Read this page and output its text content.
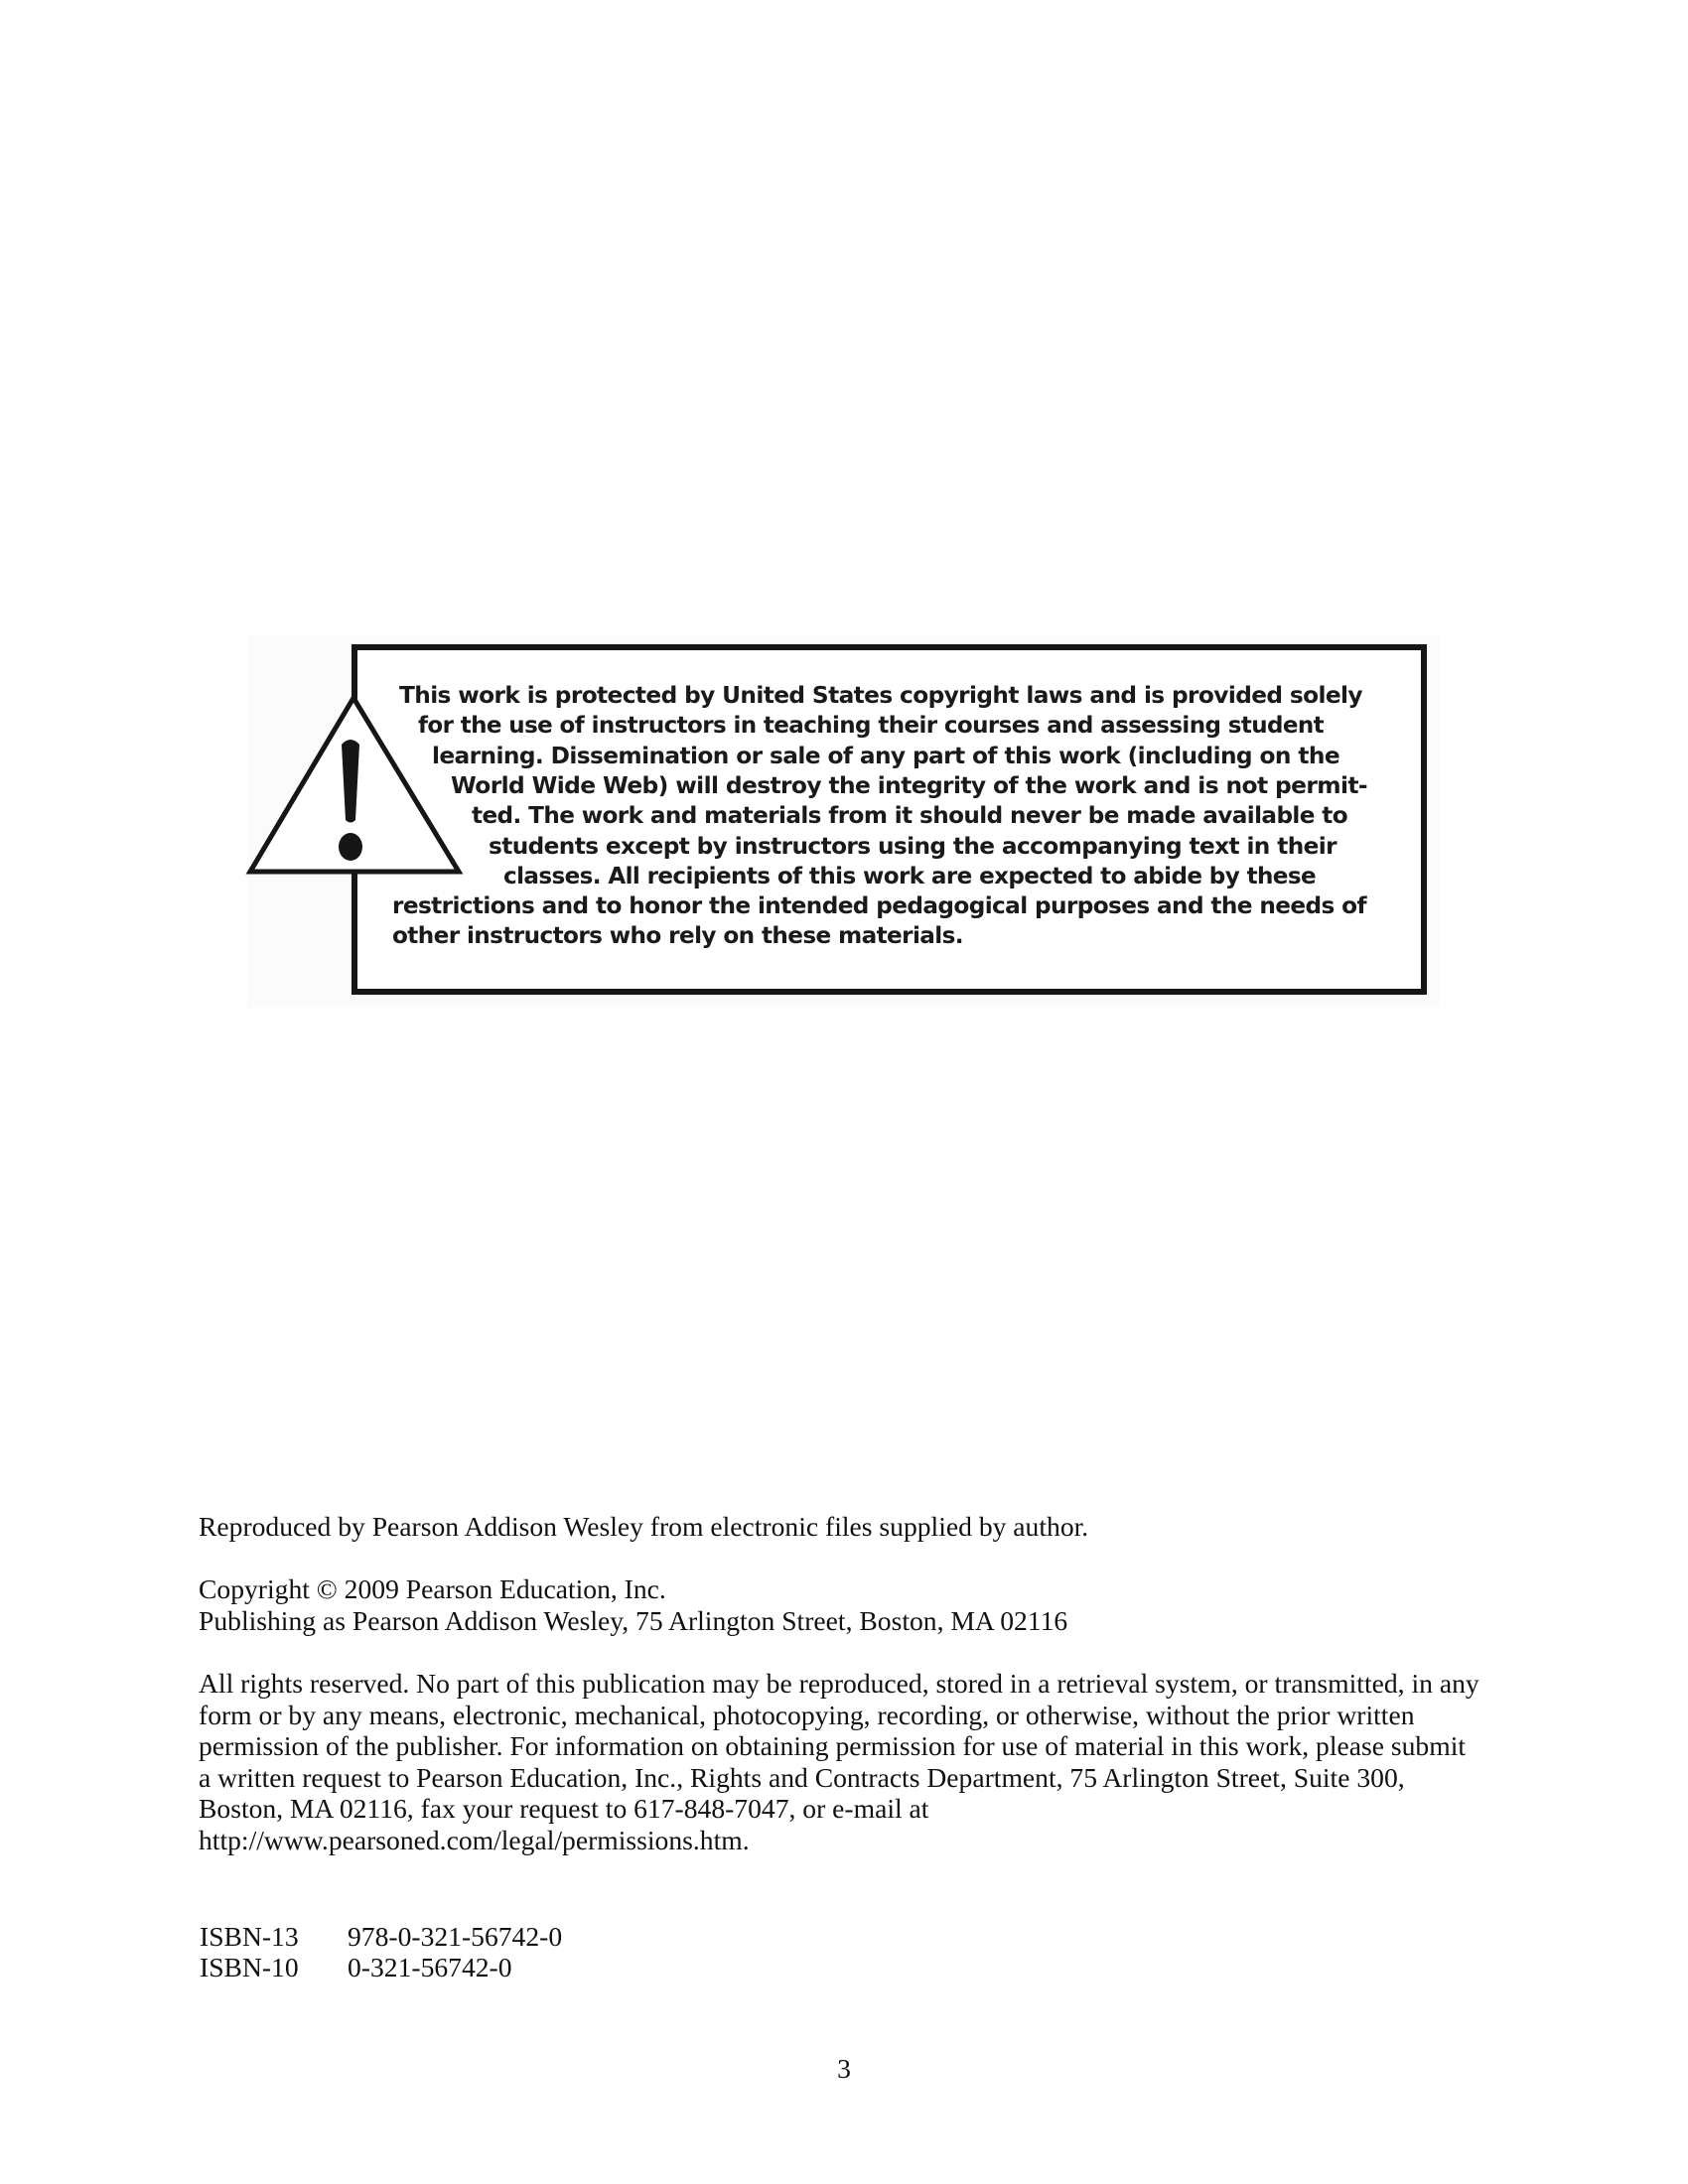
This work is protected by United States copyright laws and is provided solely
for the use of instructors in teaching their courses and assessing student
learning. Dissemination or sale of any part of this work (including on the
World Wide Web) will destroy the integrity of the work and is not permit-
ted. The work and materials from it should never be made available to
students except by instructors using the accompanying text in their
classes. All recipients of this work are expected to abide by these
restrictions and to honor the intended pedagogical purposes and the needs of
other instructors who rely on these materials.
Reproduced by Pearson Addison Wesley from electronic files supplied by author.
Copyright © 2009 Pearson Education, Inc.
Publishing as Pearson Addison Wesley, 75 Arlington Street, Boston, MA 02116
All rights reserved. No part of this publication may be reproduced, stored in a retrieval system, or transmitted, in any
form or by any means, electronic, mechanical, photocopying, recording, or otherwise, without the prior written
permission of the publisher. For information on obtaining permission for use of material in this work, please submit
a written request to Pearson Education, Inc., Rights and Contracts Department, 75 Arlington Street, Suite 300,
Boston, MA 02116, fax your request to 617-848-7047, or e-mail at
http://www.pearsoned.com/legal/permissions.htm.
ISBN-13 978-0-321-56742-0
ISBN-10 0-321-56742-0
3
